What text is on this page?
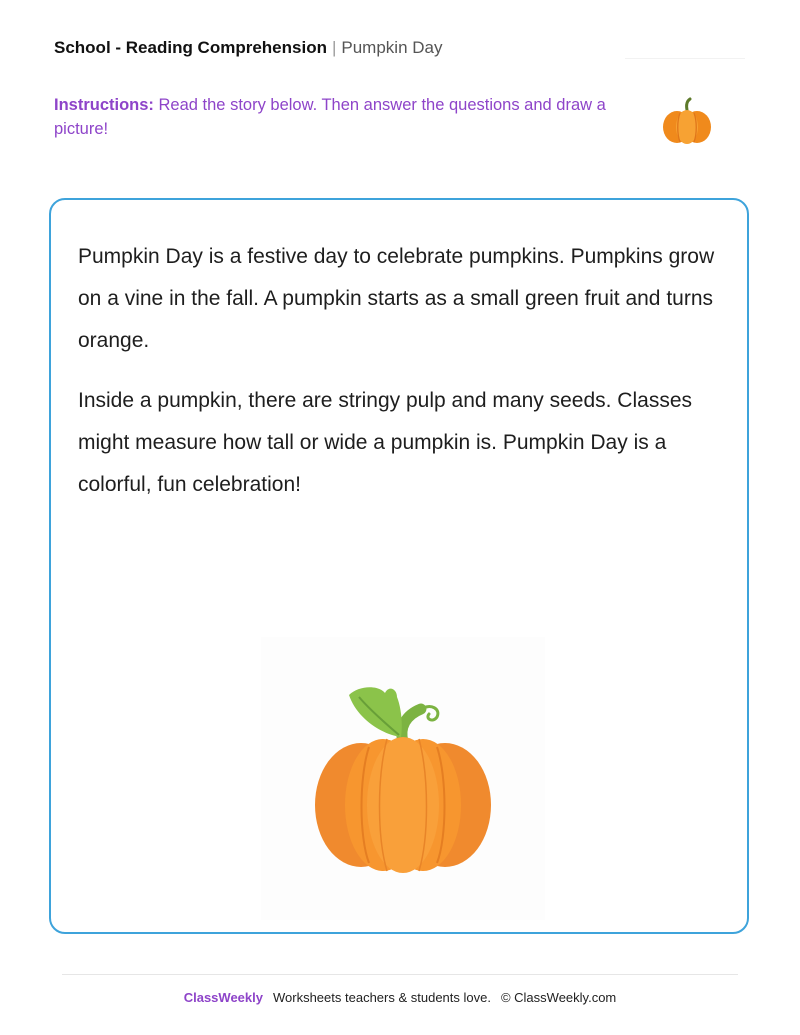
School - Reading Comprehension | Pumpkin Day
Instructions: Read the story below. Then answer the questions and draw a picture!

Pumpkin Day is a festive day to celebrate pumpkins. Pumpkins grow on a vine in the fall. A pumpkin starts as a small green fruit and turns orange.

Inside a pumpkin, there are stringy pulp and many seeds. Classes might measure how tall or wide a pumpkin is. Pumpkin Day is a colorful, fun celebration!

ClassWeekly Worksheets teachers & students love. © ClassWeekly.com
